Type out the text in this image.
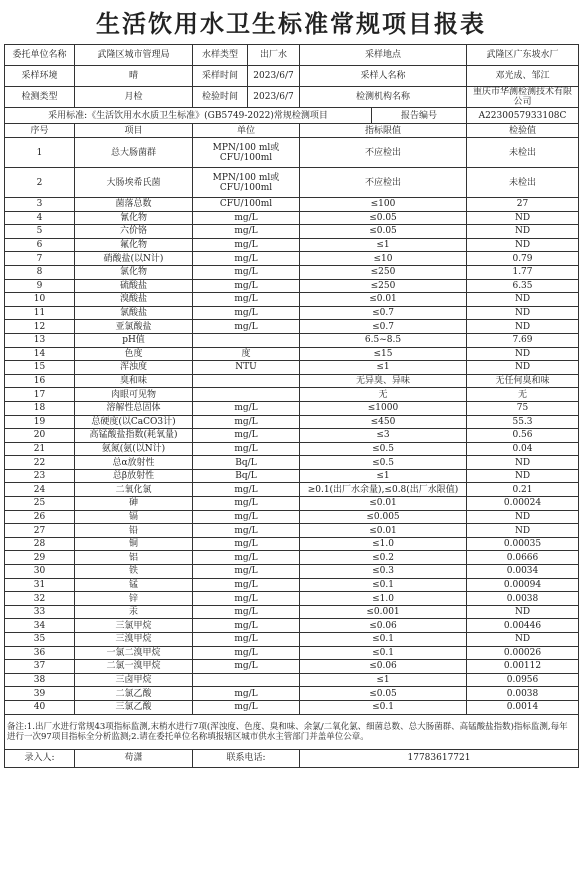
生活饮用水卫生标准常规项目报表
委托单位名称	武隆区城市管理局	水样类型	出厂水	采样地点		武隆区广东坡水厂
采样环境	晴	采样时间	2023/6/7	采样人名称		邓光成、邹江
检测类型	月检	检验时间	2023/6/7	检测机构名称		重庆市华测检测技术有限公司
采用标准:《生活饮用水水质卫生标准》(GB5749-2022)常规检测项目					报告编号	A2230057933108C
序号	项目	单位		指标限值		检验值
1	总大肠菌群	MPN/100 ml或CFU/100ml		不应检出		未检出
2	大肠埃希氏菌	MPN/100 ml或CFU/100ml		不应检出		未检出
3	菌落总数	CFU/100ml		≤100		27
4	氰化物	mg/L		≤0.05		ND
5	六价铬	mg/L		≤0.05		ND
6	氟化物	mg/L		≤1		ND
7	硝酸盐(以N计)	mg/L		≤10		0.79
8	氯化物	mg/L		≤250		1.77
9	硫酸盐	mg/L		≤250		6.35
10	溴酸盐	mg/L		≤0.01		ND
11	氯酸盐	mg/L		≤0.7		ND
12	亚氯酸盐	mg/L		≤0.7		ND
13	pH值			6.5~8.5		7.69
14	色度	度		≤15		ND
15	浑浊度	NTU		≤1		ND
16	臭和味			无异臭、异味		无任何臭和味
17	肉眼可见物			无		无
18	溶解性总固体	mg/L		≤1000		75
19	总硬度(以CaCO3计)	mg/L		≤450		55.3
20	高锰酸盐指数(耗氧量)	mg/L		≤3		0.56
21	氨氮(氨(以N计)	mg/L		≤0.5		0.04
22	总α放射性	Bq/L		≤0.5		ND
23	总β放射性	Bq/L		≤1		ND
24	二氧化氯	mg/L		≥0.1(出厂水余量),≤0.8(出厂水限值)		0.21
25	砷	mg/L		≤0.01		0.00024
26	镉	mg/L		≤0.005		ND
27	铅	mg/L		≤0.01		ND
28	铜	mg/L		≤1.0		0.00035
29	铝	mg/L		≤0.2		0.0666
30	铁	mg/L		≤0.3		0.0034
31	锰	mg/L		≤0.1		0.00094
32	锌	mg/L		≤1.0		0.0038
33	汞	mg/L		≤0.001		ND
34	三氯甲烷	mg/L		≤0.06		0.00446
35	三溴甲烷	mg/L		≤0.1		ND
36	一氯二溴甲烷	mg/L		≤0.1		0.00026
37	二氯一溴甲烷	mg/L		≤0.06		0.00112
38	三卤甲烷			≤1		0.0956
39	二氯乙酸	mg/L		≤0.05		0.0038
40	三氯乙酸	mg/L		≤0.1		0.0014
备注:1.出厂水进行常规43项指标监测,末梢水进行7项(浑浊度、色度、臭和味、余氯/二氧化氯、细菌总数、总大肠菌群、高锰酸盐指数)指标监测,每年进行一次97项目指标全分析监测;2.请在委托单位名称填报辖区城市供水主管部门并盖单位公章。						
录入人:	苟潇	联系电话:		17783617721		
